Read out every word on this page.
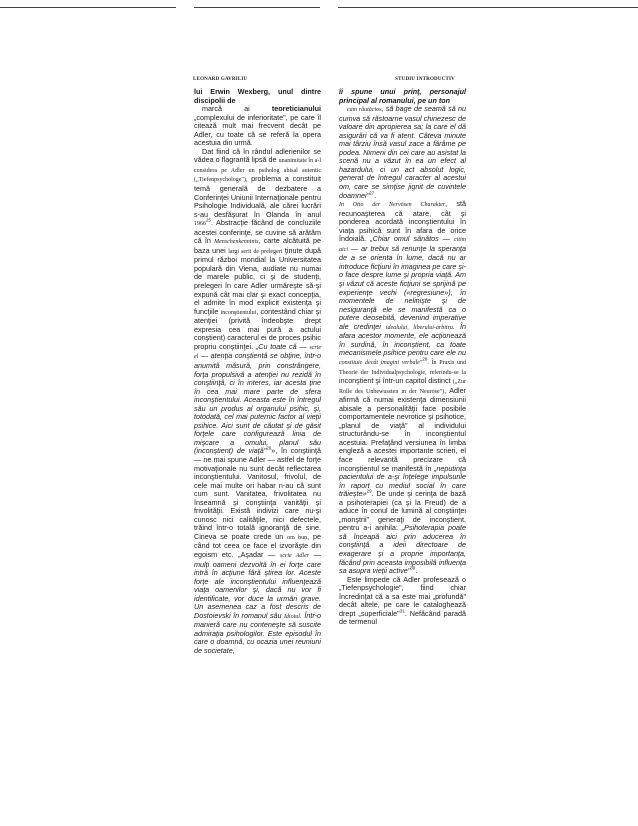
LEONARD GAVRILIU	STUDIU INTRODUCTIV

lui Erwin Wexberg, unul dintre discipolii de

marcă ai teoreticianului „complexului de inferioritate", pe care îl citează mult mai frecvent decât pe Adler, cu toate că se referă la opera acestuia din urmă.

Dat fiind că în rândul adlerienilor se vădea o flagrantă lipsă de unanimitate în a-l considera pe Adler un psiholog abisal autentic („Tiefenpsychologe"), problema a constituit temă generală de dezbatere a Conferinţei Uniunii Internaţionale pentru Psihologie Individuală, ale cărei lucrări s-au desfăşurat în Olanda în anul 1966$^{25}$. Abstracţie făcând de concluziile acestei conferinţe, se cuvine să arătăm că în Menschenkenntnis, carte alcătuită pe baza unei largi serii de prelegeri ţinute după primul război mondial la Universitatea populară din Viena, audiate nu numai de marele public, ci şi de studenţi, prelegeri în care Adler urmăreşte să-şi expună cât mai clar şi exact concepţia, el admite în mod explicit existenţa şi funcţiile inconştientului, contestând chiar şi atenţiei (privită îndeobşte drept expresia cea mai pură a actului conştient) caracterul ei de proces psihic propriu conştiinţei. „Cu toate că — scrie el — atenţia conştientă se obţine, într-o anumită măsură, prin constrângere, forţa propulsivă a atenţiei nu rezidă în conştiinţă, ci în interes, iar acesta ţine în cea mai mare parte de sfera inconştientului. Aceasta este în întregul său un produs al organului psihic, şi, totodată, cel mai puternic factor al vieţii psihice. Aici sunt de căutat şi de găsit forţele care configurează linia de mişcare a omului, planul său (inconştient) de viaţă"$^{26}$», în conştiinţă — ne mai spune Adler — astfel de forţe motivaţionale nu sunt decât reflectarea inconştientului. Vanitosul, frivolul, de cele mai multe ori habar n-au că sunt cum sunt. Vanitatea, frivolitatea nu înseamnă şi conştiinţa vanităţii şi frivolităţii. Există indivizi care nu-şi cunosc nici calităţile, nici defectele, trăind într-o totală ignoranţă de sine. Cineva se poate crede un om bun, pe când tot ceea ce face el izvorăşte din egoism etc. „Aşadar — scrie Adler — mulţi oameni dezvoltă în ei forţe care intră în acţiune fără ştirea lor. Aceste forţe ale inconştientului influenţează viaţa oamenilor şi, dacă nu vor fi identificate, vor duce la urmări grave. Un asemenea caz a fost descris de Dostoievski în romanul său Idiotul. Într-o manieră care nu conteneşte să suscite admiraţia psihologilor. Este episodul în care o doamnă, cu ocazia unei reuniuni de societate,

îi spune unui prinţ, personajul principal al romanului, pe un ton

cam răutăcios, să bage de seamă să nu cumva să răstoarne vasul chinezesc de valoare din apropierea sa; la care el dă asigurări că va fi atent. Câteva minute mai târziu însă vasul zace a fărâme pe podea. Nimeni din cei care au asistat la scenă nu a văzut în ea un efect al hazardului, ci un act absolut logic, generat de întregul caracter al acestui om, care se simţise jignit de cuvintele doamnei"$^{27}$.

In Otto der Nervösen Charakter, stă recunoaşterea că atare, cât şi ponderea acordată inconştientului în viaţa psihică sunt în afara de orice îndoială. „Chiar omul sănătos — citim aici — ar trebui să renunţe la speranţa de a se orienta în lume, dacă nu ar introduce ficţiuni în imaginea pe care şi-o face despre lume şi propria viaţă. Am şi văzut că aceste ficţiuni se sprijină pe experienţe vechi («regresiune»), în momentele de nelinişte şi de nesiguranţă ele se manifestă ca o putere deosebită, devenind imperative ale credinţei idealului, liberului-arbitru. În afara acestor momente, ele acţionează în surdină, în inconştient, ca toate mecanismele psihice pentru care ele nu constituie decât imagini verbale"$^{28}$. În Praxis und Theorie der Individualpsychologie, referindu-se la inconştient şi într-un capitol distinct („Zur Rolle des Unbewussten in der Neurose"), Adler afirmă că numai existenţa dimensiunii abisale a personalităţii face posibile comportamentele nevrotice şi psihotice, „planul de viaţă" al individului structurându-se în inconştientul acestuia. Prefaţând versiunea în limba engleză a acestei importante scrieri, el face relevantă precizare că inconştientul se manifestă în „neputinţa pacientului de a-şi înţelege impulsurile în raport cu mediul social în care trăieşte»$^{29}$. De unde şi cerinţa de bază a psihoterapiei (ca şi la Freud) de a aduce în conul de lumină al conştiinţei „monştrii" generaţi de inconştient, pentru a-i anihila: „Psihoterapia poate să înceapă aici prin aducerea în conştiinţă a ideii directoare de exagerare şi a proprie importanţa, făcând prin aceasta imposibilă influenţa sa asupra vieţii active"$^{30}$.

Este limpede că Adler profesează o „Tiefenpsychologie", fiind chiar încredinţat că a sa este mai „profundă" decât altele, pe care le catalogheazã drept „superficiale"$^{31}$. Nefăcând paradă de termenul
